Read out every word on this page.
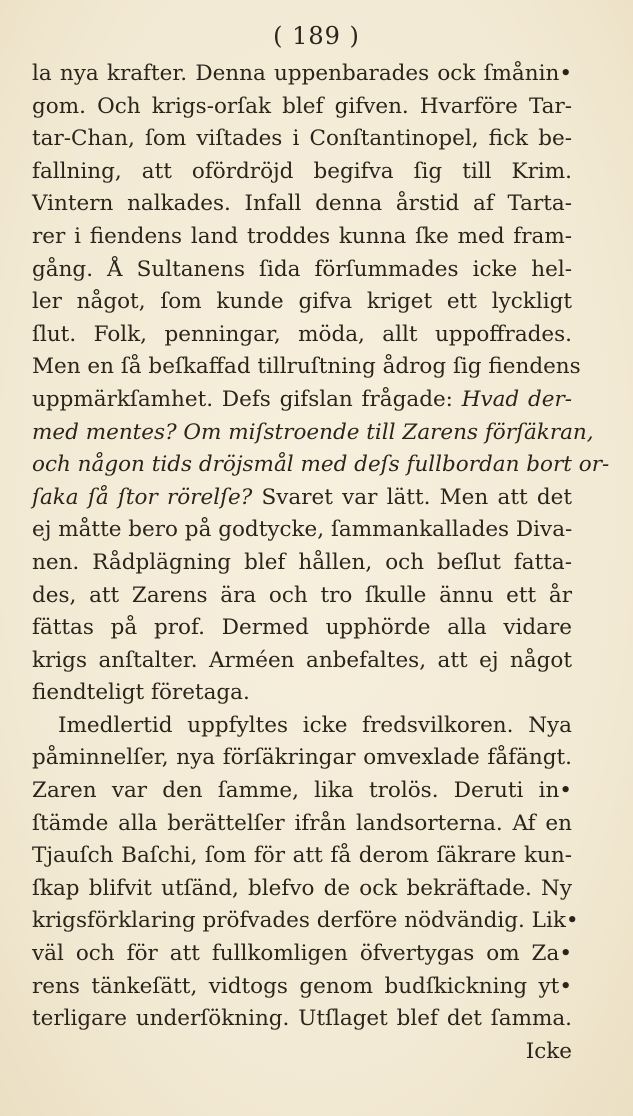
( 189 )
la nya krafter. Denna uppenbarades ock ſmånin•
gom. Och krigs-orſak blef gifven. Hvarföre Tar-
tar-Chan, ſom viſtades i Conſtantinopel, fick be-
fallning, att ofördröjd begifva ſig till Krim.
Vintern nalkades. Infall denna årstid af Tarta-
rer i fiendens land troddes kunna ſke med fram-
gång. Å Sultanens ſida förſummades icke hel-
ler något, ſom kunde gifva kriget ett lyckligt
ſlut. Folk, penningar, möda, allt uppoffrades.
Men en ſå beſkaffad tillruſtning ådrog ſig fiendens
uppmärkſamhet. Defs gifslan frågade: Hvad der-
med mentes? Om miſstroende till Zarens förſäkran,
och någon tids dröjsmål med deſs fullbordan bort or-
ſaka ſå ſtor rörelſe? Svaret var lätt. Men att det
ej måtte bero på godtycke, ſammankallades Diva-
nen. Rådplägning blef hållen, och beſlut fatta-
des, att Zarens ära och tro ſkulle ännu ett år
fättas på prof. Dermed upphörde alla vidare
krigs anſtalter. Arméen anbefaltes, att ej något
fiendteligt företaga.
Imedlertid uppfyltes icke fredsvilkoren. Nya
påminnelſer, nya förſäkringar omvexlade fåfängt.
Zaren var den ſamme, lika trolös. Deruti in•
ſtämde alla berättelſer ifrån landsorterna. Af en
Tjauſch Baſchi, ſom för att få derom ſäkrare kun-
ſkap blifvit utſänd, blefvo de ock bekräftade. Ny
krigsförklaring pröfvades derföre nödvändig. Lik•
väl och för att fullkomligen öfvertygas om Za•
rens tänkeſätt, vidtogs genom budſkickning yt•
terligare underſökning. Utſlaget blef det ſamma.
Icke
